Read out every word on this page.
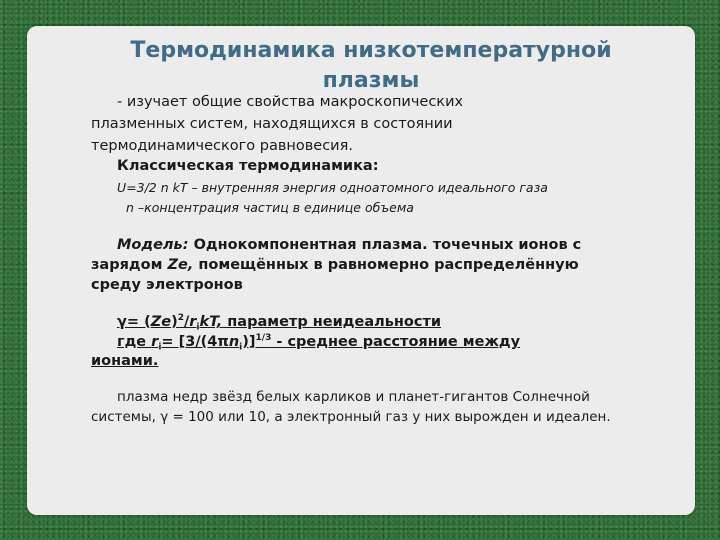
Термодинамика низкотемпературной
плазмы

- изучает общие свойства макроскопических

плазменных систем, находящихся в состоянии

термодинамического равновесия.

Классическая термодинамика:

U=3/2 n kT – внутренняя энергия одноатомного идеального газа

n –концентрация частиц в единице объема

Модель: Однокомпонентная плазма. точечных ионов с

зарядом Ze, помещённых в равномерно распределённую

среду электронов

$\gamma= (Ze)^2/r_ikT$, параметр неидеальности

где $r_i= [3/(4\pi n_i)]^{1/3}$ - среднее расстояние между

ионами.

плазма недр звёзд белых карликов и планет-гигантов Солнечной

системы, γ = 100 или 10, а электронный газ у них вырожден и идеален.
